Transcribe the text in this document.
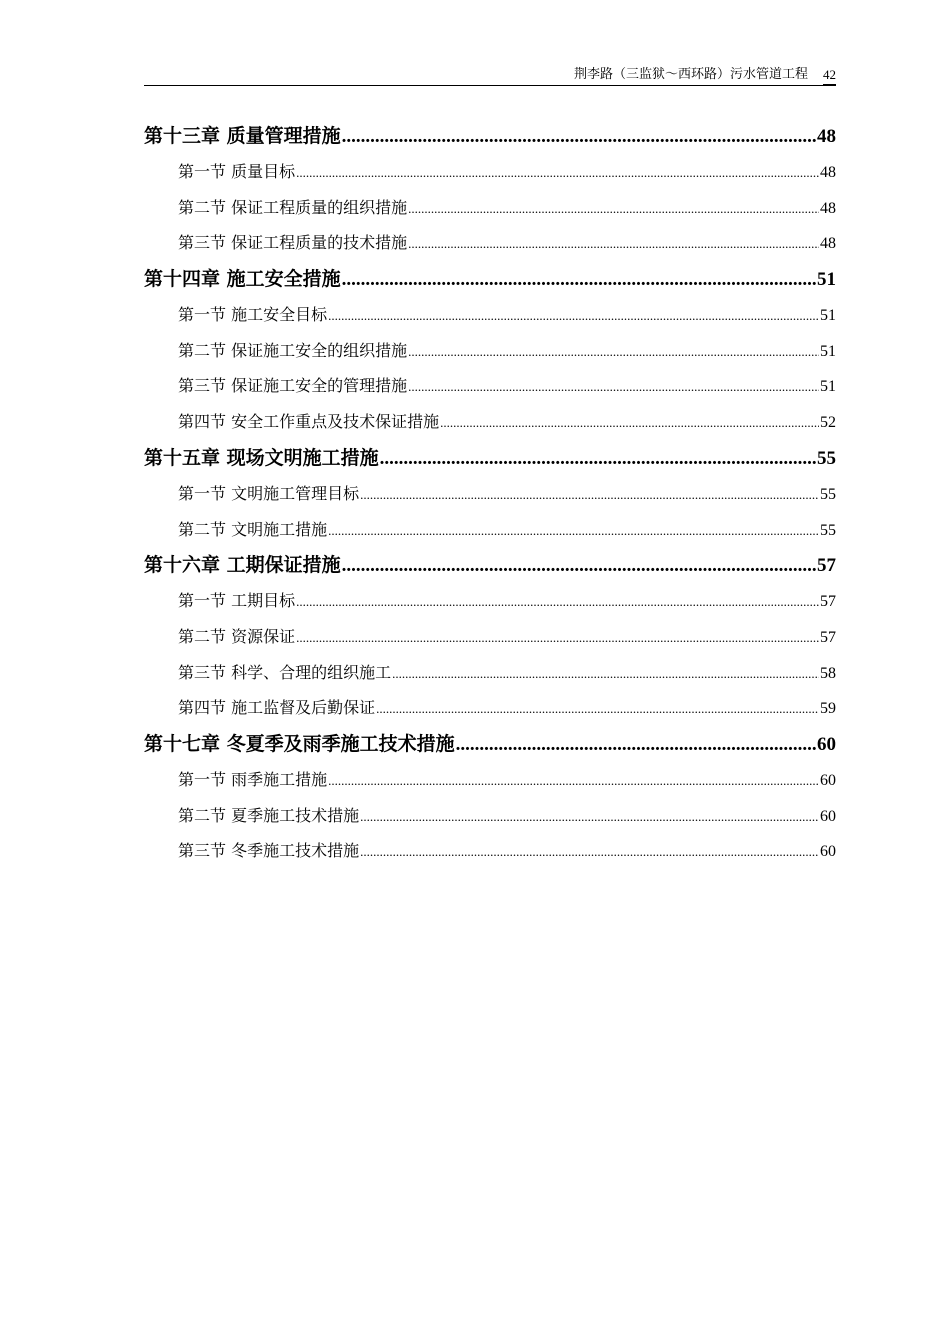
荆李路（三监狱～西环路）污水管道工程 42
第十三章 质量管理措施 .....	48
第一节 质量目标 .....	48
第二节 保证工程质量的组织措施 .....	48
第三节 保证工程质量的技术措施 .....	48
第十四章 施工安全措施 .....	51
第一节 施工安全目标 .....	51
第二节 保证施工安全的组织措施 .....	51
第三节 保证施工安全的管理措施 .....	51
第四节 安全工作重点及技术保证措施 .....	52
第十五章 现场文明施工措施 .....	55
第一节 文明施工管理目标 .....	55
第二节 文明施工措施 .....	55
第十六章 工期保证措施 .....	57
第一节 工期目标 .....	57
第二节 资源保证 .....	57
第三节 科学、合理的组织施工 .....	58
第四节 施工监督及后勤保证 .....	59
第十七章 冬夏季及雨季施工技术措施 .....	60
第一节 雨季施工措施 .....	60
第二节 夏季施工技术措施 .....	60
第三节 冬季施工技术措施 .....	60
